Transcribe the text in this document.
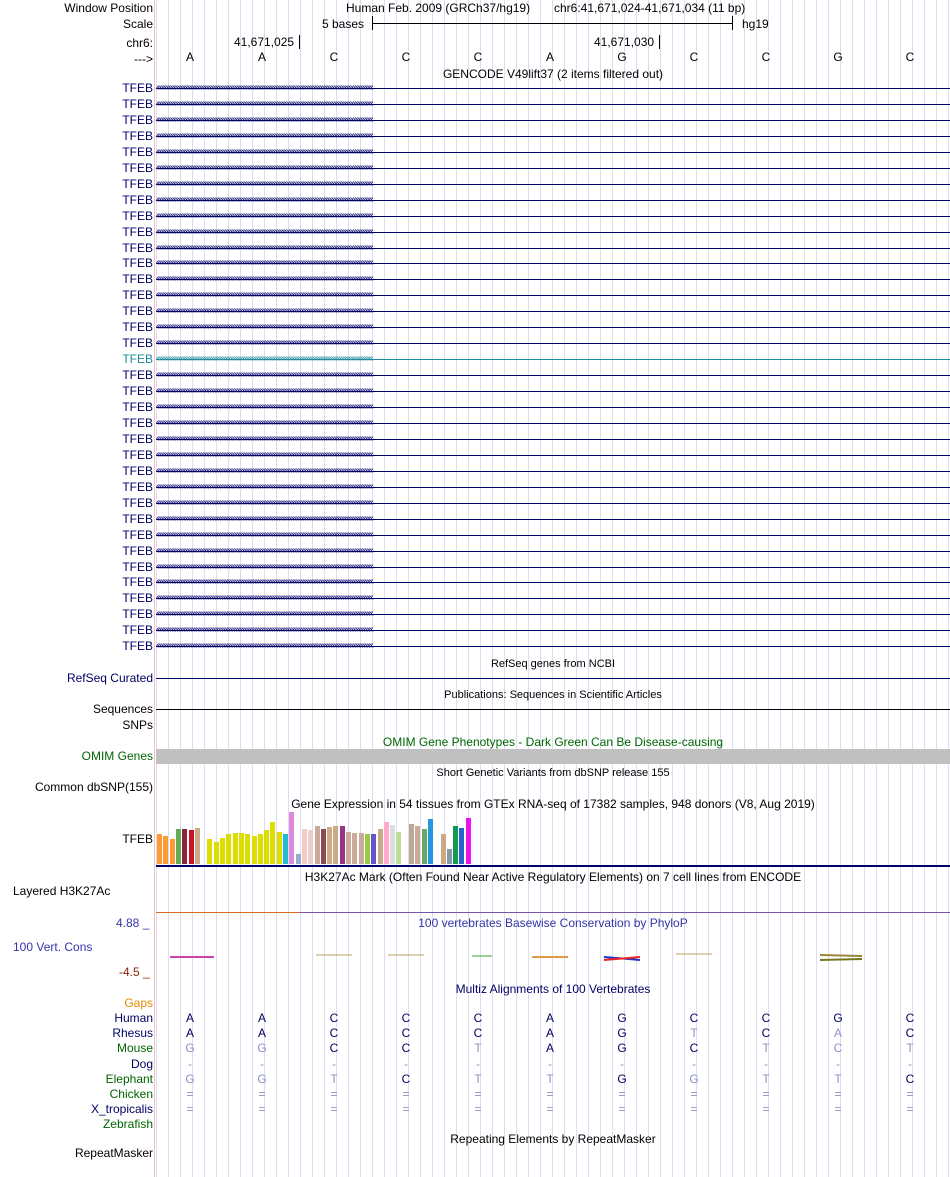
Window Position	Human Feb. 2009 (GRCh37/hg19) chr6:41,671,024-41,671,034 (11 bp)
Scale	5 bases	hg19
chr6:	41,671,025	41,671,030
--->	A	A	C	C	C	A	G	C	C	G	C
GENCODE V49lift37 (2 items filtered out)
TFEB ‹‹‹‹‹‹‹‹‹‹‹‹‹‹‹‹‹‹‹‹‹‹‹‹‹‹‹‹‹‹‹‹‹‹‹‹‹‹‹‹‹‹‹‹‹‹‹‹‹‹‹‹‹‹‹‹‹‹‹‹‹‹‹‹‹‹‹‹‹‹‹‹‹‹‹‹‹‹‹‹‹‹‹‹‹‹‹‹‹‹‹‹‹‹‹‹‹‹‹‹‹‹‹‹‹‹‹‹‹‹‹‹‹‹‹‹‹‹‹‹‹‹‹‹‹
TFEB ‹‹‹‹‹‹‹‹‹‹‹‹‹‹‹‹‹‹‹‹‹‹‹‹‹‹‹‹‹‹‹‹‹‹‹‹‹‹‹‹‹‹‹‹‹‹‹‹‹‹‹‹‹‹‹‹‹‹‹‹‹‹‹‹‹‹‹‹‹‹‹‹‹‹‹‹‹‹‹‹‹‹‹‹‹‹‹‹‹‹‹‹‹‹‹‹‹‹‹‹‹‹‹‹‹‹‹‹‹‹‹‹‹‹‹‹‹‹‹‹‹‹‹‹‹
TFEB ‹‹‹‹‹‹‹‹‹‹‹‹‹‹‹‹‹‹‹‹‹‹‹‹‹‹‹‹‹‹‹‹‹‹‹‹‹‹‹‹‹‹‹‹‹‹‹‹‹‹‹‹‹‹‹‹‹‹‹‹‹‹‹‹‹‹‹‹‹‹‹‹‹‹‹‹‹‹‹‹‹‹‹‹‹‹‹‹‹‹‹‹‹‹‹‹‹‹‹‹‹‹‹‹‹‹‹‹‹‹‹‹‹‹‹‹‹‹‹‹‹‹‹‹‹
TFEB ‹‹‹‹‹‹‹‹‹‹‹‹‹‹‹‹‹‹‹‹‹‹‹‹‹‹‹‹‹‹‹‹‹‹‹‹‹‹‹‹‹‹‹‹‹‹‹‹‹‹‹‹‹‹‹‹‹‹‹‹‹‹‹‹‹‹‹‹‹‹‹‹‹‹‹‹‹‹‹‹‹‹‹‹‹‹‹‹‹‹‹‹‹‹‹‹‹‹‹‹‹‹‹‹‹‹‹‹‹‹‹‹‹‹‹‹‹‹‹‹‹‹‹‹‹
TFEB ‹‹‹‹‹‹‹‹‹‹‹‹‹‹‹‹‹‹‹‹‹‹‹‹‹‹‹‹‹‹‹‹‹‹‹‹‹‹‹‹‹‹‹‹‹‹‹‹‹‹‹‹‹‹‹‹‹‹‹‹‹‹‹‹‹‹‹‹‹‹‹‹‹‹‹‹‹‹‹‹‹‹‹‹‹‹‹‹‹‹‹‹‹‹‹‹‹‹‹‹‹‹‹‹‹‹‹‹‹‹‹‹‹‹‹‹‹‹‹‹‹‹‹‹‹
TFEB ‹‹‹‹‹‹‹‹‹‹‹‹‹‹‹‹‹‹‹‹‹‹‹‹‹‹‹‹‹‹‹‹‹‹‹‹‹‹‹‹‹‹‹‹‹‹‹‹‹‹‹‹‹‹‹‹‹‹‹‹‹‹‹‹‹‹‹‹‹‹‹‹‹‹‹‹‹‹‹‹‹‹‹‹‹‹‹‹‹‹‹‹‹‹‹‹‹‹‹‹‹‹‹‹‹‹‹‹‹‹‹‹‹‹‹‹‹‹‹‹‹‹‹‹‹
TFEB ‹‹‹‹‹‹‹‹‹‹‹‹‹‹‹‹‹‹‹‹‹‹‹‹‹‹‹‹‹‹‹‹‹‹‹‹‹‹‹‹‹‹‹‹‹‹‹‹‹‹‹‹‹‹‹‹‹‹‹‹‹‹‹‹‹‹‹‹‹‹‹‹‹‹‹‹‹‹‹‹‹‹‹‹‹‹‹‹‹‹‹‹‹‹‹‹‹‹‹‹‹‹‹‹‹‹‹‹‹‹‹‹‹‹‹‹‹‹‹‹‹‹‹‹‹
TFEB ‹‹‹‹‹‹‹‹‹‹‹‹‹‹‹‹‹‹‹‹‹‹‹‹‹‹‹‹‹‹‹‹‹‹‹‹‹‹‹‹‹‹‹‹‹‹‹‹‹‹‹‹‹‹‹‹‹‹‹‹‹‹‹‹‹‹‹‹‹‹‹‹‹‹‹‹‹‹‹‹‹‹‹‹‹‹‹‹‹‹‹‹‹‹‹‹‹‹‹‹‹‹‹‹‹‹‹‹‹‹‹‹‹‹‹‹‹‹‹‹‹‹‹‹‹
TFEB ‹‹‹‹‹‹‹‹‹‹‹‹‹‹‹‹‹‹‹‹‹‹‹‹‹‹‹‹‹‹‹‹‹‹‹‹‹‹‹‹‹‹‹‹‹‹‹‹‹‹‹‹‹‹‹‹‹‹‹‹‹‹‹‹‹‹‹‹‹‹‹‹‹‹‹‹‹‹‹‹‹‹‹‹‹‹‹‹‹‹‹‹‹‹‹‹‹‹‹‹‹‹‹‹‹‹‹‹‹‹‹‹‹‹‹‹‹‹‹‹‹‹‹‹‹
TFEB ‹‹‹‹‹‹‹‹‹‹‹‹‹‹‹‹‹‹‹‹‹‹‹‹‹‹‹‹‹‹‹‹‹‹‹‹‹‹‹‹‹‹‹‹‹‹‹‹‹‹‹‹‹‹‹‹‹‹‹‹‹‹‹‹‹‹‹‹‹‹‹‹‹‹‹‹‹‹‹‹‹‹‹‹‹‹‹‹‹‹‹‹‹‹‹‹‹‹‹‹‹‹‹‹‹‹‹‹‹‹‹‹‹‹‹‹‹‹‹‹‹‹‹‹‹
TFEB ‹‹‹‹‹‹‹‹‹‹‹‹‹‹‹‹‹‹‹‹‹‹‹‹‹‹‹‹‹‹‹‹‹‹‹‹‹‹‹‹‹‹‹‹‹‹‹‹‹‹‹‹‹‹‹‹‹‹‹‹‹‹‹‹‹‹‹‹‹‹‹‹‹‹‹‹‹‹‹‹‹‹‹‹‹‹‹‹‹‹‹‹‹‹‹‹‹‹‹‹‹‹‹‹‹‹‹‹‹‹‹‹‹‹‹‹‹‹‹‹‹‹‹‹‹
TFEB ‹‹‹‹‹‹‹‹‹‹‹‹‹‹‹‹‹‹‹‹‹‹‹‹‹‹‹‹‹‹‹‹‹‹‹‹‹‹‹‹‹‹‹‹‹‹‹‹‹‹‹‹‹‹‹‹‹‹‹‹‹‹‹‹‹‹‹‹‹‹‹‹‹‹‹‹‹‹‹‹‹‹‹‹‹‹‹‹‹‹‹‹‹‹‹‹‹‹‹‹‹‹‹‹‹‹‹‹‹‹‹‹‹‹‹‹‹‹‹‹‹‹‹‹‹
TFEB ‹‹‹‹‹‹‹‹‹‹‹‹‹‹‹‹‹‹‹‹‹‹‹‹‹‹‹‹‹‹‹‹‹‹‹‹‹‹‹‹‹‹‹‹‹‹‹‹‹‹‹‹‹‹‹‹‹‹‹‹‹‹‹‹‹‹‹‹‹‹‹‹‹‹‹‹‹‹‹‹‹‹‹‹‹‹‹‹‹‹‹‹‹‹‹‹‹‹‹‹‹‹‹‹‹‹‹‹‹‹‹‹‹‹‹‹‹‹‹‹‹‹‹‹‹
TFEB ‹‹‹‹‹‹‹‹‹‹‹‹‹‹‹‹‹‹‹‹‹‹‹‹‹‹‹‹‹‹‹‹‹‹‹‹‹‹‹‹‹‹‹‹‹‹‹‹‹‹‹‹‹‹‹‹‹‹‹‹‹‹‹‹‹‹‹‹‹‹‹‹‹‹‹‹‹‹‹‹‹‹‹‹‹‹‹‹‹‹‹‹‹‹‹‹‹‹‹‹‹‹‹‹‹‹‹‹‹‹‹‹‹‹‹‹‹‹‹‹‹‹‹‹‹
TFEB ‹‹‹‹‹‹‹‹‹‹‹‹‹‹‹‹‹‹‹‹‹‹‹‹‹‹‹‹‹‹‹‹‹‹‹‹‹‹‹‹‹‹‹‹‹‹‹‹‹‹‹‹‹‹‹‹‹‹‹‹‹‹‹‹‹‹‹‹‹‹‹‹‹‹‹‹‹‹‹‹‹‹‹‹‹‹‹‹‹‹‹‹‹‹‹‹‹‹‹‹‹‹‹‹‹‹‹‹‹‹‹‹‹‹‹‹‹‹‹‹‹‹‹‹‹
TFEB ‹‹‹‹‹‹‹‹‹‹‹‹‹‹‹‹‹‹‹‹‹‹‹‹‹‹‹‹‹‹‹‹‹‹‹‹‹‹‹‹‹‹‹‹‹‹‹‹‹‹‹‹‹‹‹‹‹‹‹‹‹‹‹‹‹‹‹‹‹‹‹‹‹‹‹‹‹‹‹‹‹‹‹‹‹‹‹‹‹‹‹‹‹‹‹‹‹‹‹‹‹‹‹‹‹‹‹‹‹‹‹‹‹‹‹‹‹‹‹‹‹‹‹‹‹
TFEB ‹‹‹‹‹‹‹‹‹‹‹‹‹‹‹‹‹‹‹‹‹‹‹‹‹‹‹‹‹‹‹‹‹‹‹‹‹‹‹‹‹‹‹‹‹‹‹‹‹‹‹‹‹‹‹‹‹‹‹‹‹‹‹‹‹‹‹‹‹‹‹‹‹‹‹‹‹‹‹‹‹‹‹‹‹‹‹‹‹‹‹‹‹‹‹‹‹‹‹‹‹‹‹‹‹‹‹‹‹‹‹‹‹‹‹‹‹‹‹‹‹‹‹‹‹
TFEB ‹‹‹‹‹‹‹‹‹‹‹‹‹‹‹‹‹‹‹‹‹‹‹‹‹‹‹‹‹‹‹‹‹‹‹‹‹‹‹‹‹‹‹‹‹‹‹‹‹‹‹‹‹‹‹‹‹‹‹‹‹‹‹‹‹‹‹‹‹‹‹‹‹‹‹‹‹‹‹‹‹‹‹‹‹‹‹‹‹‹‹‹‹‹‹‹‹‹‹‹‹‹‹‹‹‹‹‹‹‹‹‹‹‹‹‹‹‹‹‹‹‹‹‹‹
TFEB ‹‹‹‹‹‹‹‹‹‹‹‹‹‹‹‹‹‹‹‹‹‹‹‹‹‹‹‹‹‹‹‹‹‹‹‹‹‹‹‹‹‹‹‹‹‹‹‹‹‹‹‹‹‹‹‹‹‹‹‹‹‹‹‹‹‹‹‹‹‹‹‹‹‹‹‹‹‹‹‹‹‹‹‹‹‹‹‹‹‹‹‹‹‹‹‹‹‹‹‹‹‹‹‹‹‹‹‹‹‹‹‹‹‹‹‹‹‹‹‹‹‹‹‹‹
TFEB ‹‹‹‹‹‹‹‹‹‹‹‹‹‹‹‹‹‹‹‹‹‹‹‹‹‹‹‹‹‹‹‹‹‹‹‹‹‹‹‹‹‹‹‹‹‹‹‹‹‹‹‹‹‹‹‹‹‹‹‹‹‹‹‹‹‹‹‹‹‹‹‹‹‹‹‹‹‹‹‹‹‹‹‹‹‹‹‹‹‹‹‹‹‹‹‹‹‹‹‹‹‹‹‹‹‹‹‹‹‹‹‹‹‹‹‹‹‹‹‹‹‹‹‹‹
TFEB ‹‹‹‹‹‹‹‹‹‹‹‹‹‹‹‹‹‹‹‹‹‹‹‹‹‹‹‹‹‹‹‹‹‹‹‹‹‹‹‹‹‹‹‹‹‹‹‹‹‹‹‹‹‹‹‹‹‹‹‹‹‹‹‹‹‹‹‹‹‹‹‹‹‹‹‹‹‹‹‹‹‹‹‹‹‹‹‹‹‹‹‹‹‹‹‹‹‹‹‹‹‹‹‹‹‹‹‹‹‹‹‹‹‹‹‹‹‹‹‹‹‹‹‹‹
TFEB ‹‹‹‹‹‹‹‹‹‹‹‹‹‹‹‹‹‹‹‹‹‹‹‹‹‹‹‹‹‹‹‹‹‹‹‹‹‹‹‹‹‹‹‹‹‹‹‹‹‹‹‹‹‹‹‹‹‹‹‹‹‹‹‹‹‹‹‹‹‹‹‹‹‹‹‹‹‹‹‹‹‹‹‹‹‹‹‹‹‹‹‹‹‹‹‹‹‹‹‹‹‹‹‹‹‹‹‹‹‹‹‹‹‹‹‹‹‹‹‹‹‹‹‹‹
TFEB ‹‹‹‹‹‹‹‹‹‹‹‹‹‹‹‹‹‹‹‹‹‹‹‹‹‹‹‹‹‹‹‹‹‹‹‹‹‹‹‹‹‹‹‹‹‹‹‹‹‹‹‹‹‹‹‹‹‹‹‹‹‹‹‹‹‹‹‹‹‹‹‹‹‹‹‹‹‹‹‹‹‹‹‹‹‹‹‹‹‹‹‹‹‹‹‹‹‹‹‹‹‹‹‹‹‹‹‹‹‹‹‹‹‹‹‹‹‹‹‹‹‹‹‹‹
TFEB ‹‹‹‹‹‹‹‹‹‹‹‹‹‹‹‹‹‹‹‹‹‹‹‹‹‹‹‹‹‹‹‹‹‹‹‹‹‹‹‹‹‹‹‹‹‹‹‹‹‹‹‹‹‹‹‹‹‹‹‹‹‹‹‹‹‹‹‹‹‹‹‹‹‹‹‹‹‹‹‹‹‹‹‹‹‹‹‹‹‹‹‹‹‹‹‹‹‹‹‹‹‹‹‹‹‹‹‹‹‹‹‹‹‹‹‹‹‹‹‹‹‹‹‹‹
TFEB ‹‹‹‹‹‹‹‹‹‹‹‹‹‹‹‹‹‹‹‹‹‹‹‹‹‹‹‹‹‹‹‹‹‹‹‹‹‹‹‹‹‹‹‹‹‹‹‹‹‹‹‹‹‹‹‹‹‹‹‹‹‹‹‹‹‹‹‹‹‹‹‹‹‹‹‹‹‹‹‹‹‹‹‹‹‹‹‹‹‹‹‹‹‹‹‹‹‹‹‹‹‹‹‹‹‹‹‹‹‹‹‹‹‹‹‹‹‹‹‹‹‹‹‹‹
TFEB ‹‹‹‹‹‹‹‹‹‹‹‹‹‹‹‹‹‹‹‹‹‹‹‹‹‹‹‹‹‹‹‹‹‹‹‹‹‹‹‹‹‹‹‹‹‹‹‹‹‹‹‹‹‹‹‹‹‹‹‹‹‹‹‹‹‹‹‹‹‹‹‹‹‹‹‹‹‹‹‹‹‹‹‹‹‹‹‹‹‹‹‹‹‹‹‹‹‹‹‹‹‹‹‹‹‹‹‹‹‹‹‹‹‹‹‹‹‹‹‹‹‹‹‹‹
TFEB ‹‹‹‹‹‹‹‹‹‹‹‹‹‹‹‹‹‹‹‹‹‹‹‹‹‹‹‹‹‹‹‹‹‹‹‹‹‹‹‹‹‹‹‹‹‹‹‹‹‹‹‹‹‹‹‹‹‹‹‹‹‹‹‹‹‹‹‹‹‹‹‹‹‹‹‹‹‹‹‹‹‹‹‹‹‹‹‹‹‹‹‹‹‹‹‹‹‹‹‹‹‹‹‹‹‹‹‹‹‹‹‹‹‹‹‹‹‹‹‹‹‹‹‹‹
TFEB ‹‹‹‹‹‹‹‹‹‹‹‹‹‹‹‹‹‹‹‹‹‹‹‹‹‹‹‹‹‹‹‹‹‹‹‹‹‹‹‹‹‹‹‹‹‹‹‹‹‹‹‹‹‹‹‹‹‹‹‹‹‹‹‹‹‹‹‹‹‹‹‹‹‹‹‹‹‹‹‹‹‹‹‹‹‹‹‹‹‹‹‹‹‹‹‹‹‹‹‹‹‹‹‹‹‹‹‹‹‹‹‹‹‹‹‹‹‹‹‹‹‹‹‹‹
TFEB ‹‹‹‹‹‹‹‹‹‹‹‹‹‹‹‹‹‹‹‹‹‹‹‹‹‹‹‹‹‹‹‹‹‹‹‹‹‹‹‹‹‹‹‹‹‹‹‹‹‹‹‹‹‹‹‹‹‹‹‹‹‹‹‹‹‹‹‹‹‹‹‹‹‹‹‹‹‹‹‹‹‹‹‹‹‹‹‹‹‹‹‹‹‹‹‹‹‹‹‹‹‹‹‹‹‹‹‹‹‹‹‹‹‹‹‹‹‹‹‹‹‹‹‹‹
TFEB ‹‹‹‹‹‹‹‹‹‹‹‹‹‹‹‹‹‹‹‹‹‹‹‹‹‹‹‹‹‹‹‹‹‹‹‹‹‹‹‹‹‹‹‹‹‹‹‹‹‹‹‹‹‹‹‹‹‹‹‹‹‹‹‹‹‹‹‹‹‹‹‹‹‹‹‹‹‹‹‹‹‹‹‹‹‹‹‹‹‹‹‹‹‹‹‹‹‹‹‹‹‹‹‹‹‹‹‹‹‹‹‹‹‹‹‹‹‹‹‹‹‹‹‹‹
TFEB ‹‹‹‹‹‹‹‹‹‹‹‹‹‹‹‹‹‹‹‹‹‹‹‹‹‹‹‹‹‹‹‹‹‹‹‹‹‹‹‹‹‹‹‹‹‹‹‹‹‹‹‹‹‹‹‹‹‹‹‹‹‹‹‹‹‹‹‹‹‹‹‹‹‹‹‹‹‹‹‹‹‹‹‹‹‹‹‹‹‹‹‹‹‹‹‹‹‹‹‹‹‹‹‹‹‹‹‹‹‹‹‹‹‹‹‹‹‹‹‹‹‹‹‹‹
TFEB ‹‹‹‹‹‹‹‹‹‹‹‹‹‹‹‹‹‹‹‹‹‹‹‹‹‹‹‹‹‹‹‹‹‹‹‹‹‹‹‹‹‹‹‹‹‹‹‹‹‹‹‹‹‹‹‹‹‹‹‹‹‹‹‹‹‹‹‹‹‹‹‹‹‹‹‹‹‹‹‹‹‹‹‹‹‹‹‹‹‹‹‹‹‹‹‹‹‹‹‹‹‹‹‹‹‹‹‹‹‹‹‹‹‹‹‹‹‹‹‹‹‹‹‹‹
TFEB ‹‹‹‹‹‹‹‹‹‹‹‹‹‹‹‹‹‹‹‹‹‹‹‹‹‹‹‹‹‹‹‹‹‹‹‹‹‹‹‹‹‹‹‹‹‹‹‹‹‹‹‹‹‹‹‹‹‹‹‹‹‹‹‹‹‹‹‹‹‹‹‹‹‹‹‹‹‹‹‹‹‹‹‹‹‹‹‹‹‹‹‹‹‹‹‹‹‹‹‹‹‹‹‹‹‹‹‹‹‹‹‹‹‹‹‹‹‹‹‹‹‹‹‹‹
TFEB ‹‹‹‹‹‹‹‹‹‹‹‹‹‹‹‹‹‹‹‹‹‹‹‹‹‹‹‹‹‹‹‹‹‹‹‹‹‹‹‹‹‹‹‹‹‹‹‹‹‹‹‹‹‹‹‹‹‹‹‹‹‹‹‹‹‹‹‹‹‹‹‹‹‹‹‹‹‹‹‹‹‹‹‹‹‹‹‹‹‹‹‹‹‹‹‹‹‹‹‹‹‹‹‹‹‹‹‹‹‹‹‹‹‹‹‹‹‹‹‹‹‹‹‹‹
TFEB ‹‹‹‹‹‹‹‹‹‹‹‹‹‹‹‹‹‹‹‹‹‹‹‹‹‹‹‹‹‹‹‹‹‹‹‹‹‹‹‹‹‹‹‹‹‹‹‹‹‹‹‹‹‹‹‹‹‹‹‹‹‹‹‹‹‹‹‹‹‹‹‹‹‹‹‹‹‹‹‹‹‹‹‹‹‹‹‹‹‹‹‹‹‹‹‹‹‹‹‹‹‹‹‹‹‹‹‹‹‹‹‹‹‹‹‹‹‹‹‹‹‹‹‹‹
TFEB ‹‹‹‹‹‹‹‹‹‹‹‹‹‹‹‹‹‹‹‹‹‹‹‹‹‹‹‹‹‹‹‹‹‹‹‹‹‹‹‹‹‹‹‹‹‹‹‹‹‹‹‹‹‹‹‹‹‹‹‹‹‹‹‹‹‹‹‹‹‹‹‹‹‹‹‹‹‹‹‹‹‹‹‹‹‹‹‹‹‹‹‹‹‹‹‹‹‹‹‹‹‹‹‹‹‹‹‹‹‹‹‹‹‹‹‹‹‹‹‹‹‹‹‹‹
RefSeq genes from NCBI
RefSeq Curated
Publications: Sequences in Scientific Articles
Sequences
SNPs
OMIM Gene Phenotypes - Dark Green Can Be Disease-causing
OMIM Genes
Short Genetic Variants from dbSNP release 155
Common dbSNP(155)
Gene Expression in 54 tissues from GTEx RNA-seq of 17382 samples, 948 donors (V8, Aug 2019)
TFEB
H3K27Ac Mark (Often Found Near Active Regulatory Elements) on 7 cell lines from ENCODE
Layered H3K27Ac
4.88 _	100 vertebrates Basewise Conservation by PhyloP
100 Vert. Cons
-4.5 _
Multiz Alignments of 100 Vertebrates
Gaps
Human	A	A	C	C	C	A	G	C	C	G	C
Rhesus	A	A	C	C	C	A	G	T	C	A	C
Mouse	G	G	C	C	T	A	G	C	T	C	T
Dog	-	-	-	-	-	-	-	-	-	-	-
Elephant	G	G	T	C	T	T	G	G	T	T	C
Chicken	=	=	=	=	=	=	=	=	=	=	=
X_tropicalis	=	=	=	=	=	=	=	=	=	=	=
Zebrafish
Repeating Elements by RepeatMasker
RepeatMasker
